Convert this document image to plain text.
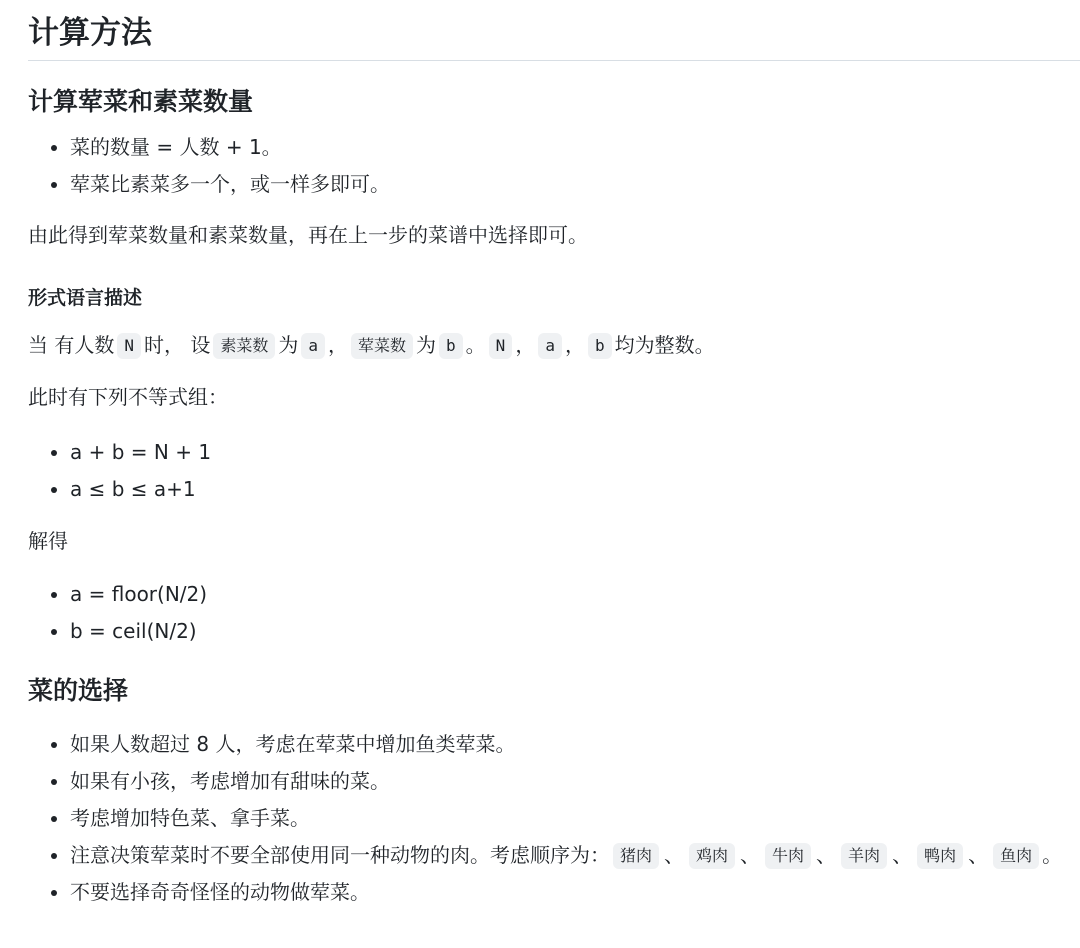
计算方法
计算荤菜和素菜数量
• 菜的数量 = 人数 + 1。
• 荤菜比素菜多一个，或一样多即可。

由此得到荤菜数量和素菜数量，再在上一步的菜谱中选择即可。

形式语言描述

当 有人数 N 时， 设 素菜数 为 a ， 荤菜数 为 b 。 N ， a ， b 均为整数。

此时有下列不等式组：

• a + b = N + 1
• a ≤ b ≤ a+1

解得

• a = floor(N/2)
• b = ceil(N/2)
菜的选择
• 如果人数超过 8 人，考虑在荤菜中增加鱼类荤菜。
• 如果有小孩，考虑增加有甜味的菜。
• 考虑增加特色菜、拿手菜。
• 注意决策荤菜时不要全部使用同一种动物的肉。考虑顺序为： 猪肉 、 鸡肉 、 牛肉 、 羊肉 、 鸭肉 、 鱼肉 。
• 不要选择奇奇怪怪的动物做荤菜。
